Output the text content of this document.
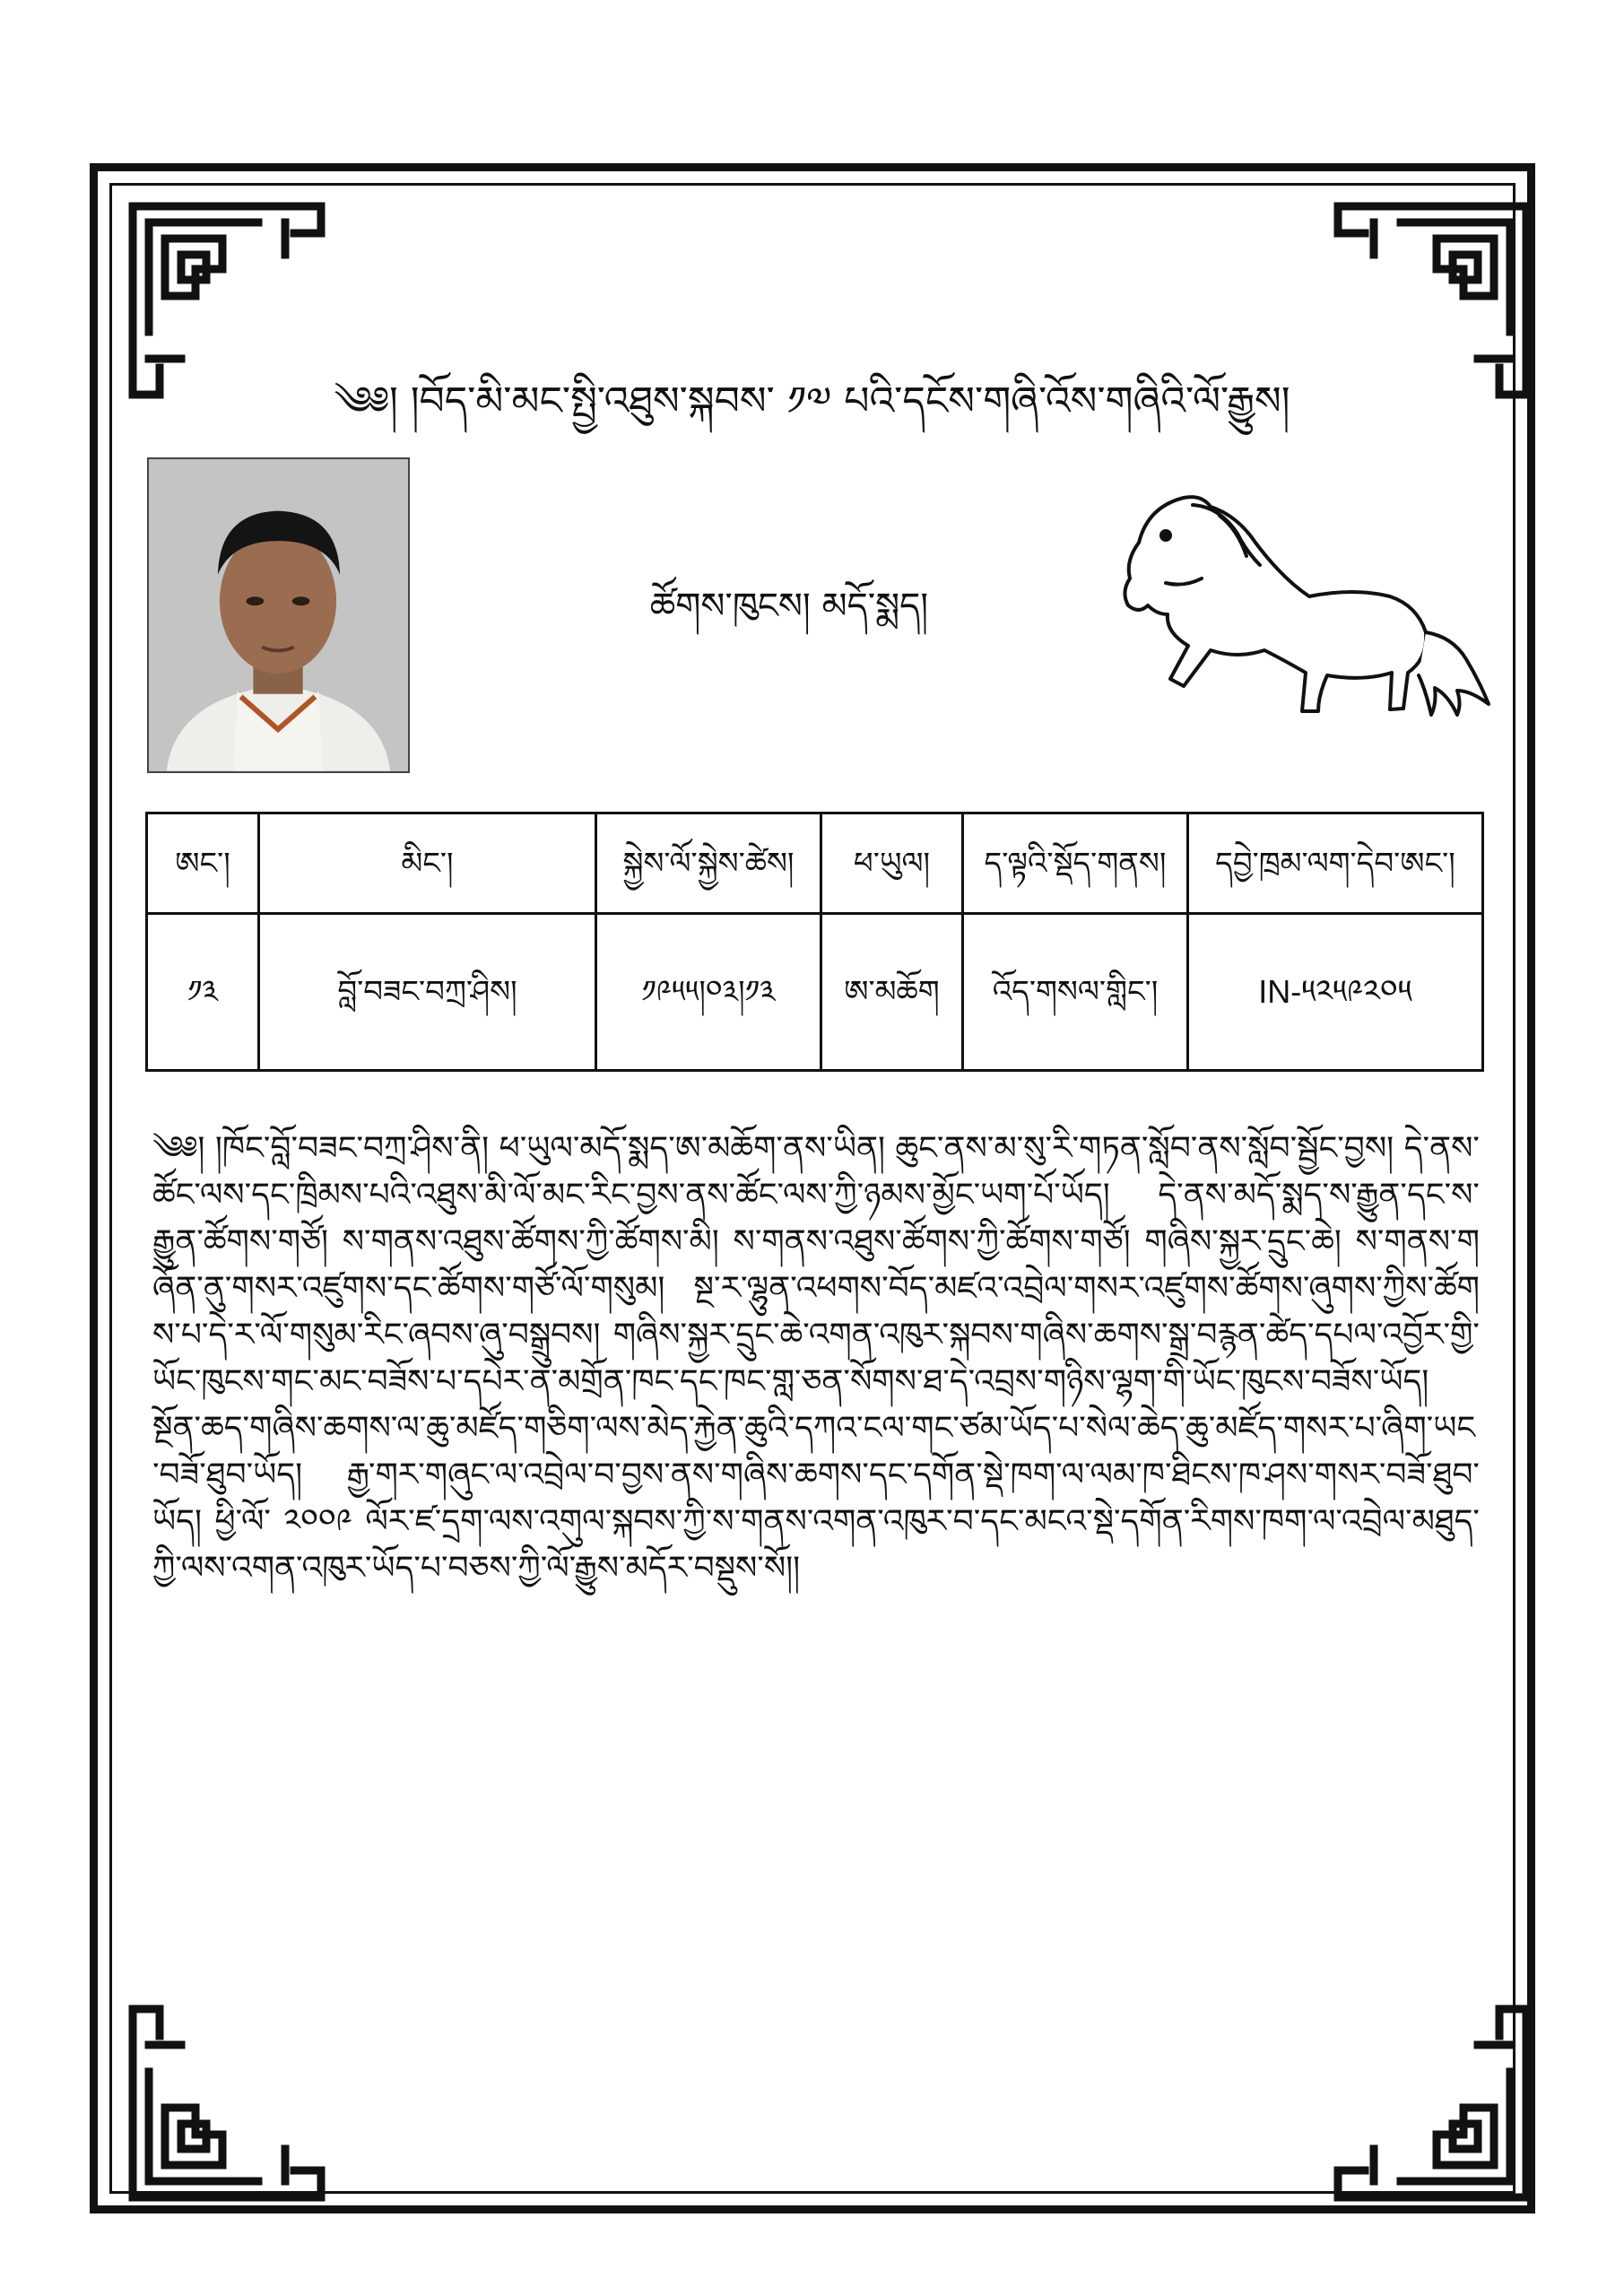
༄༅། །བོད་མི་མང་སྤྱི་འཐུས་སྐབས་ ༡༧ པའི་དངོས་གཞི་འོས་གཞིའི་ལོ་རྒྱུས།
ཚོགས་ཁུངས། མདོ་སྨད།
ཨང་།	མིང་།	སྐྱེས་ལོ་སྐྱེས་ཚེས།	ཕ་ཡུལ།	ད་ལྟའི་སྡོད་གནས།	དབྱེ་ཁྲམ་ལག་དེབ་ཨང་།
༡༣	བློ་བཟང་བཀྲ་ཤིས།	༡༩༥༥།༠༣།༡༣	ཨ་མཆོག	འོད་གསལ་གླིང་།	IN-༥༢༥༩༢༠༥
༄༅། །ཁོང་བློ་བཟང་བཀྲ་ཤིས་ནི། ཕ་ཡུལ་མདོ་སྨད་ཨ་མཆོག་ནས་ཡིན། ཆུང་ནས་མ་སུ་རི་གཏན་སློབ་ནས་སློབ་སྦྱོང་བྱས། དེ་ནས་ཚོང་ལས་དང་ཁྲིམས་པའི་འཐུས་མི་ལོ་མང་རིང་བྱས་ནས་ཚོང་ལས་ཀྱི་ཉམས་མྱོང་ཡག་པོ་ཡོད། དེ་ནས་མདོ་སྨད་ས་རྒྱུན་དང་ས་རྒྱུན་ཚོགས་གཙོ། ས་གནས་འཐུས་ཚོགས་ཀྱི་ཚོགས་མི། ས་གནས་འཐུས་ཚོགས་ཀྱི་ཚོགས་གཙོ། གཞིས་སྐྱར་དྲུང་ཆེ། ས་གནས་གཞོན་ནུ་གསར་འཛུགས་དང་ཚོགས་གཙོ་ལོ་གསུམ། སྔ་ར་ལྷུན་འཕགས་བོད་མཛའ་འབྲེལ་གསར་འཛུགས་ཚོགས་ཞུགས་ཀྱིས་ཚོགས་པ་དེ་ར་ལོ་གསུམ་རིང་ཞབས་ཞུ་བསྒྲུབས། གཞིས་སྐྱར་དྲུང་ཆེ་འགན་འཁུར་སྐབས་གཞིས་ཆགས་སྒྲ་བརྙན་ཚེད་དཔལ་འབྱོར་གྱི་ཡོང་ཁུངས་གང་མང་བཟོས་པ་དཔེར་ན་མགྲོན་ཁང་དང་ཁང་གླ་ཅན་སོགས་ཐ་དེ་འབྲས་གཉིས་ལྷག་གི་ཡོང་ཁུངས་བཟོས་ཡོད། སྔོན་ཆད་གཞིས་ཆགས་ལ་ཆུ་མཛོད་གཅིག་ལས་མེད་རྐྱེན་ཆུའི་དཀའ་ངལ་གང་ཙམ་ཡོད་པ་སེལ་ཆེད་ཆུ་མཛོད་གསར་པ་ཞིག་ཡང་བཟོ་ཐུབ་ཡོད། རྒྱ་གར་གཞུང་ལ་འབྲེལ་བ་བྱས་ནས་གཞིས་ཆགས་དང་དགོན་སྡེ་ཁག་ལ་ལམ་ཁ་ཐིངས་ཁ་ཤས་གསར་བཟོ་ཐུབ་ཡོད། ཕྱི་ལོ་ ༢༠༠༩ ལོར་ཛ་དྲག་ལས་འགུལ་སྐབས་ཀྱི་ས་གནས་འགན་འཁུར་བ་དང་མངའ་སྡེ་དགོན་རིགས་ཁག་ལ་འབྲེལ་མཐུད་ཀྱི་ལས་འགན་འཁུར་ཡོད་པ་བཅས་ཀྱི་ལོ་རྒྱུས་མདོར་བསྡུས་སོ།།
